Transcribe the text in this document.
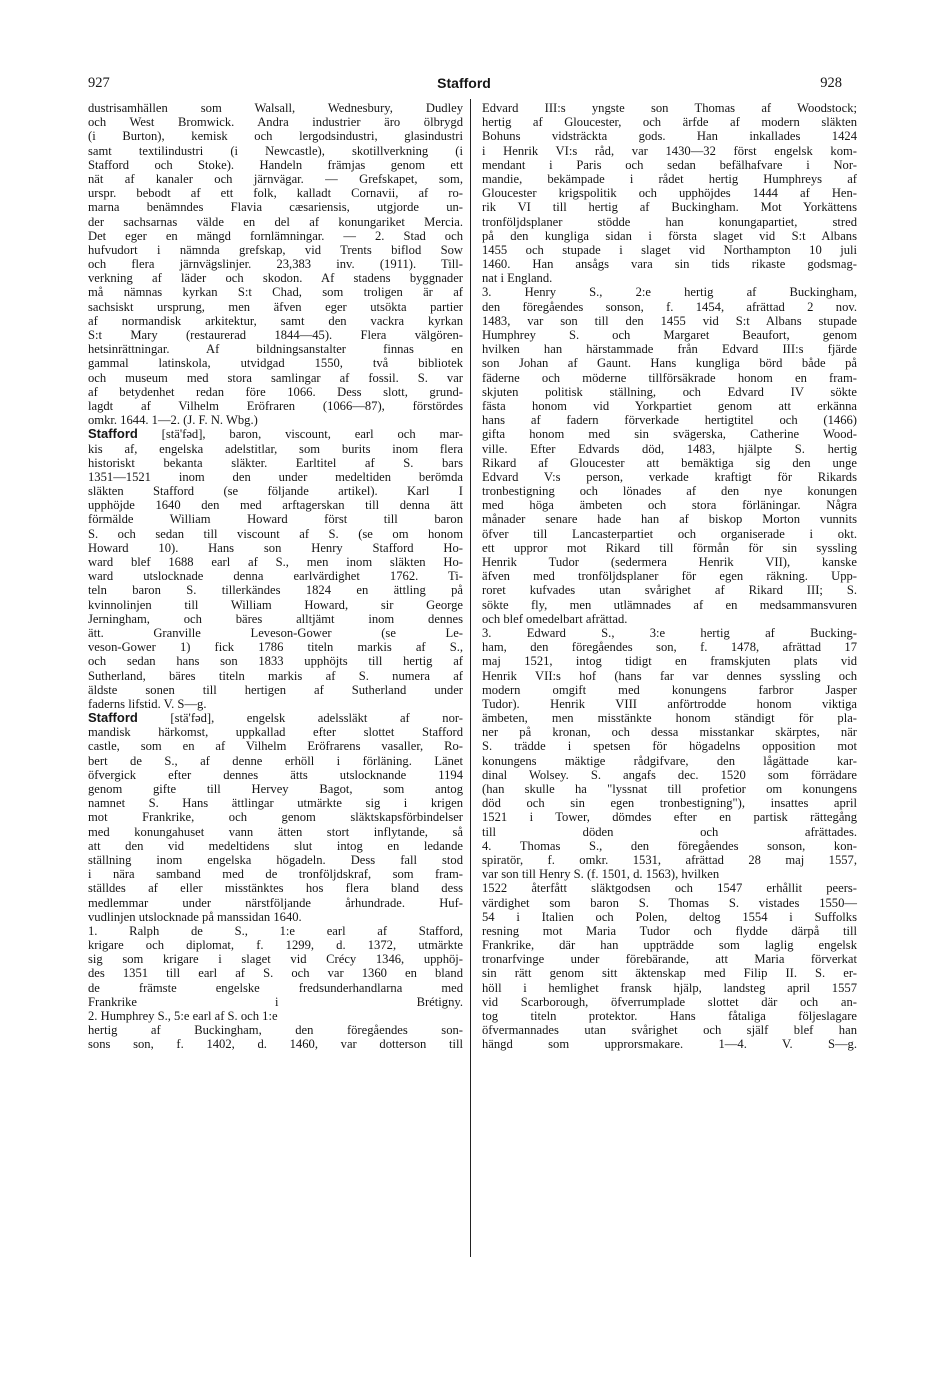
927	Stafford	928
dustrisamhällen som Walsall, Wednesbury, Dudley
och West Bromwick. Andra industrier äro ölbrygd
(i Burton), kemisk och lergodsindustri, glasindustri
samt textilindustri (i Newcastle), skotillverkning (i
Stafford och Stoke). Handeln främjas genom ett
nät af kanaler och järnvägar. — Grefskapet, som,
urspr. bebodt af ett folk, kalladt Cornavii, af ro-
marna benämndes Flavia cæsariensis, utgjorde un-
der sachsarnas välde en del af konungariket Mercia.
Det eger en mängd fornlämningar. — 2. Stad och
hufvudort i nämnda grefskap, vid Trents biflod Sow
och flera järnvägslinjer. 23,383 inv. (1911). Till-
verkning af läder och skodon. Af stadens byggnader
må nämnas kyrkan S:t Chad, som troligen är af
sachsiskt ursprung, men äfven eger utsökta partier
af normandisk arkitektur, samt den vackra kyrkan
S:t Mary (restaurerad 1844—45). Flera välgören-
hetsinrättningar. Af bildningsanstalter finnas en
gammal latinskola, utvidgad 1550, två bibliotek
och museum med stora samlingar af fossil. S. var
af betydenhet redan före 1066. Dess slott, grund-
lagdt af Vilhelm Eröfraren (1066—87), förstördes
omkr. 1644. 1—2. (J. F. N. Wbg.)
Stafford [stä'fəd], baron, viscount, earl och mar-
kis af, engelska adelstitlar, som burits inom flera
historiskt bekanta släkter. Earltitel af S. bars
1351—1521 inom den under medeltiden berömda
släkten Stafford (se följande artikel). Karl I
upphöjde 1640 den med arftagerskan till denna ätt
förmälde William Howard först till baron
S. och sedan till viscount af S. (se om honom
Howard 10). Hans son Henry Stafford Ho-
ward blef 1688 earl af S., men inom släkten Ho-
ward utslocknade denna earlvärdighet 1762. Ti-
teln baron S. tillerkändes 1824 en ättling på
kvinnolinjen till William Howard, sir George
Jerningham, och bäres alltjämt inom dennes
ätt. Granville Leveson-Gower (se Le-
veson-Gower 1) fick 1786 titeln markis af S.,
och sedan hans son 1833 upphöjts till hertig af
Sutherland, bäres titeln markis af S. numera af
äldste sonen till hertigen af Sutherland under
faderns lifstid. V. S—g.
Stafford [stä'fəd], engelsk adelssläkt af nor-
mandisk härkomst, uppkallad efter slottet Stafford
castle, som en af Vilhelm Eröfrarens vasaller, Ro-
bert de S., af denne erhöll i förläning. Länet
öfvergick efter dennes ätts utslocknande 1194
genom gifte till Hervey Bagot, som antog
namnet S. Hans ättlingar utmärkte sig i krigen
mot Frankrike, och genom släktskapsförbindelser
med konungahuset vann ätten stort inflytande, så
att den vid medeltidens slut intog en ledande
ställning inom engelska högadeln. Dess fall stod
i nära samband med de tronföljdskraf, som fram-
ställdes af eller misstänktes hos flera bland dess
medlemmar under närstföljande århundrade. Huf-
vudlinjen utslocknade på manssidan 1640.
1. Ralph de S., 1:e earl af Stafford,
krigare och diplomat, f. 1299, d. 1372, utmärkte
sig som krigare i slaget vid Crécy 1346, upphöj-
des 1351 till earl af S. och var 1360 en bland
de främste engelske fredsunderhandlarna med
Frankrike i Brétigny.
2. Humphrey S., 5:e earl af S. och 1:e
hertig af Buckingham, den föregåendes son-
sons son, f. 1402, d. 1460, var dotterson till
Edvard III:s yngste son Thomas af Woodstock;
hertig af Gloucester, och ärfde af modern släkten
Bohuns vidsträckta gods. Han inkallades 1424
i Henrik VI:s råd, var 1430—32 först engelsk kom-
mendant i Paris och sedan befälhafvare i Nor-
mandie, bekämpade i rådet hertig Humphreys af
Gloucester krigspolitik och upphöjdes 1444 af Hen-
rik VI till hertig af Buckingham. Mot Yorkättens
tronföljdsplaner stödde han konungapartiet, stred
på den kungliga sidan i första slaget vid S:t Albans
1455 och stupade i slaget vid Northampton 10 juli
1460. Han ansågs vara sin tids rikaste godsmag-
nat i England.
3. Henry S., 2:e hertig af Buckingham,
den föregåendes sonson, f. 1454, afrättad 2 nov.
1483, var son till den 1455 vid S:t Albans stupade
Humphrey S. och Margaret Beaufort, genom
hvilken han härstammade från Edvard III:s fjärde
son Johan af Gaunt. Hans kungliga börd både på
fäderne och möderne tillförsäkrade honom en fram-
skjuten politisk ställning, och Edvard IV sökte
fästa honom vid Yorkpartiet genom att erkänna
hans af fadern förverkade hertigtitel och (1466)
gifta honom med sin svägerska, Catherine Wood-
ville. Efter Edvards död, 1483, hjälpte S. hertig
Rikard af Gloucester att bemäktiga sig den unge
Edvard V:s person, verkade kraftigt för Rikards
tronbestigning och lönades af den nye konungen
med höga ämbeten och stora förläningar. Några
månader senare hade han af biskop Morton vunnits
öfver till Lancasterpartiet och organiserade i okt.
ett uppror mot Rikard till förmån för sin syssling
Henrik Tudor (sedermera Henrik VII), kanske
äfven med tronföljdsplaner för egen räkning. Upp-
roret kufvades utan svårighet af Rikard III; S.
sökte fly, men utlämnades af en medsammansvuren
och blef omedelbart afrättad.
3. Edward S., 3:e hertig af Bucking-
ham, den föregåendes son, f. 1478, afrättad 17
maj 1521, intog tidigt en framskjuten plats vid
Henrik VII:s hof (hans far var dennes syssling och
modern omgift med konungens farbror Jasper
Tudor). Henrik VIII anförtrodde honom viktiga
ämbeten, men misstänkte honom ständigt för pla-
ner på kronan, och dessa misstankar skärptes, när
S. trädde i spetsen för högadelns opposition mot
konungens mäktige rådgifvare, den lågättade kar-
dinal Wolsey. S. angafs dec. 1520 som förrädare
(han skulle ha "lyssnat till profetior om konungens
död och sin egen tronbestigning"), insattes april
1521 i Tower, dömdes efter en partisk rättegång
till döden och afrättades.
4. Thomas S., den föregåendes sonson, kon-
spiratör, f. omkr. 1531, afrättad 28 maj 1557,
var son till Henry S. (f. 1501, d. 1563), hvilken
1522 återfått släktgodsen och 1547 erhållit peers-
värdighet som baron S. Thomas S. vistades 1550—
54 i Italien och Polen, deltog 1554 i Suffolks
resning mot Maria Tudor och flydde därpå till
Frankrike, där han uppträdde som laglig engelsk
tronarfvinge under förebärande, att Maria förverkat
sin rätt genom sitt äktenskap med Filip II. S. er-
höll i hemlighet fransk hjälp, landsteg april 1557
vid Scarborough, öfverrumplade slottet där och an-
tog titeln protektor. Hans fåtaliga följeslagare
öfvermannades utan svårighet och själf blef han
hängd som upprorsmakare. 1—4. V. S—g.
